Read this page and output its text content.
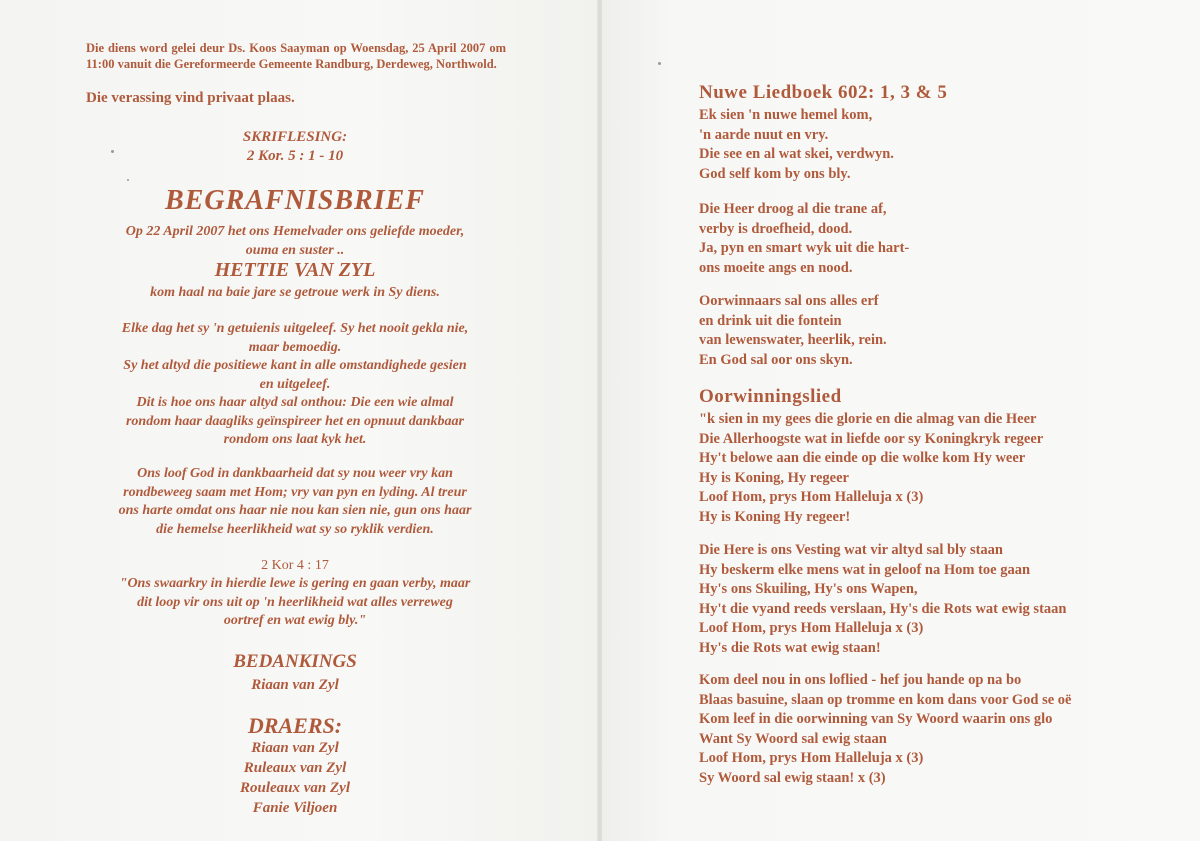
Die diens word gelei deur Ds. Koos Saayman op Woensdag, 25 April 2007 om 11:00 vanuit die Gereformeerde Gemeente Randburg, Derdeweg, Northwold.
Die verassing vind privaat plaas.
SKRIFLESING:
2 Kor. 5 : 1 - 10
BEGRAFNISBRIEF
Op 22 April 2007 het ons Hemelvader ons geliefde moeder,
ouma en suster ..
HETTIE VAN ZYL
kom haal na baie jare se getroue werk in Sy diens.
Elke dag het sy 'n getuienis uitgeleef. Sy het nooit gekla nie,
maar bemoedig.
Sy het altyd die positiewe kant in alle omstandighede gesien
en uitgeleef.
Dit is hoe ons haar altyd sal onthou: Die een wie almal
rondom haar daagliks geïnspireer het en opnuut dankbaar
rondom ons laat kyk het.
Ons loof God in dankbaarheid dat sy nou weer vry kan
rondbeweeg saam met Hom; vry van pyn en lyding. Al treur
ons harte omdat ons haar nie nou kan sien nie, gun ons haar
die hemelse heerlikheid wat sy so ryklik verdien.
2 Kor 4 : 17
"Ons swaarkry in hierdie lewe is gering en gaan verby, maar
dit loop vir ons uit op 'n heerlikheid wat alles verreweg
oortref en wat ewig bly."
BEDANKINGS
Riaan van Zyl
DRAERS:
Riaan van Zyl
Ruleaux van Zyl
Rouleaux van Zyl
Fanie Viljoen
Nuwe Liedboek 602: 1, 3 & 5
Ek sien 'n nuwe hemel kom,
'n aarde nuut en vry.
Die see en al wat skei, verdwyn.
God self kom by ons bly.
Die Heer droog al die trane af,
verby is droefheid, dood.
Ja, pyn en smart wyk uit die hart-
ons moeite angs en nood.
Oorwinnaars sal ons alles erf
en drink uit die fontein
van lewenswater, heerlik, rein.
En God sal oor ons skyn.
Oorwinningslied
"k sien in my gees die glorie en die almag van die Heer
Die Allerhoogste wat in liefde oor sy Koningkryk regeer
Hy't belowe aan die einde op die wolke kom Hy weer
Hy is Koning, Hy regeer
Loof Hom, prys Hom Halleluja x (3)
Hy is Koning Hy regeer!
Die Here is ons Vesting wat vir altyd sal bly staan
Hy beskerm elke mens wat in geloof na Hom toe gaan
Hy's ons Skuiling, Hy's ons Wapen,
Hy't die vyand reeds verslaan, Hy's die Rots wat ewig staan
Loof Hom, prys Hom Halleluja x (3)
Hy's die Rots wat ewig staan!
Kom deel nou in ons loflied - hef jou hande op na bo
Blaas basuine, slaan op tromme en kom dans voor God se oë
Kom leef in die oorwinning van Sy Woord waarin ons glo
Want Sy Woord sal ewig staan
Loof Hom, prys Hom Halleluja x (3)
Sy Woord sal ewig staan! x (3)
